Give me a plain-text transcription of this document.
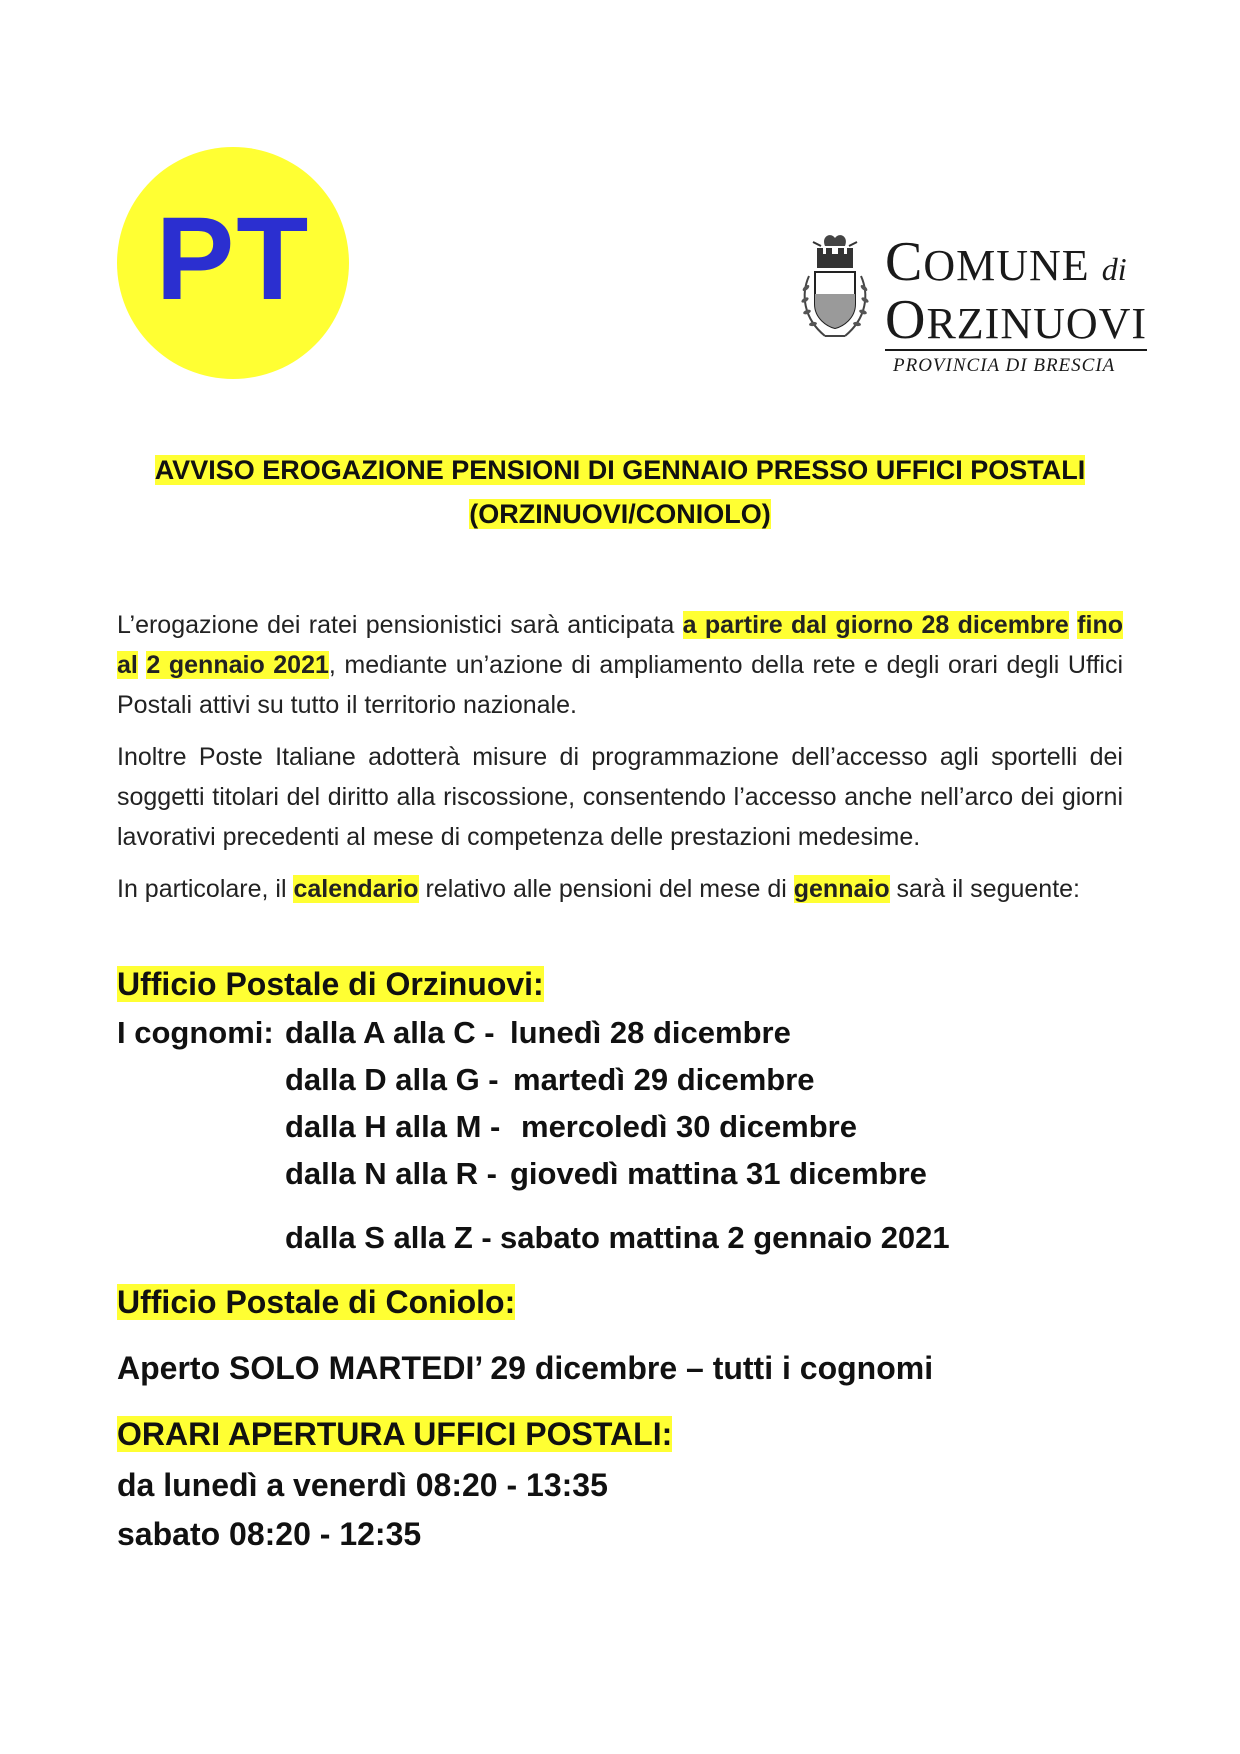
PT	COMUNE di
ORZINUOVI
PROVINCIA DI BRESCIA
AVVISO EROGAZIONE PENSIONI DI GENNAIO PRESSO UFFICI POSTALI
(ORZINUOVI/CONIOLO)
L’erogazione dei ratei pensionistici sarà anticipata a partire dal giorno 28 dicembre fino al 2 gennaio 2021, mediante un’azione di ampliamento della rete e degli orari degli Uffici Postali attivi su tutto il territorio nazionale.
Inoltre Poste Italiane adotterà misure di programmazione dell’accesso agli sportelli dei soggetti titolari del diritto alla riscossione, consentendo l’accesso anche nell’arco dei giorni lavorativi precedenti al mese di competenza delle prestazioni medesime.
In particolare, il calendario relativo alle pensioni del mese di gennaio sarà il seguente:
Ufficio Postale di Orzinuovi:
I cognomi: dalla A alla C - lunedì 28 dicembre
dalla D alla G - martedì 29 dicembre
dalla H alla M - mercoledì 30 dicembre
dalla N alla R - giovedì mattina 31 dicembre
dalla S alla Z - sabato mattina 2 gennaio 2021
Ufficio Postale di Coniolo:
Aperto SOLO MARTEDI’ 29 dicembre – tutti i cognomi
ORARI APERTURA UFFICI POSTALI:
da lunedì a venerdì 08:20 - 13:35
sabato 08:20 - 12:35
